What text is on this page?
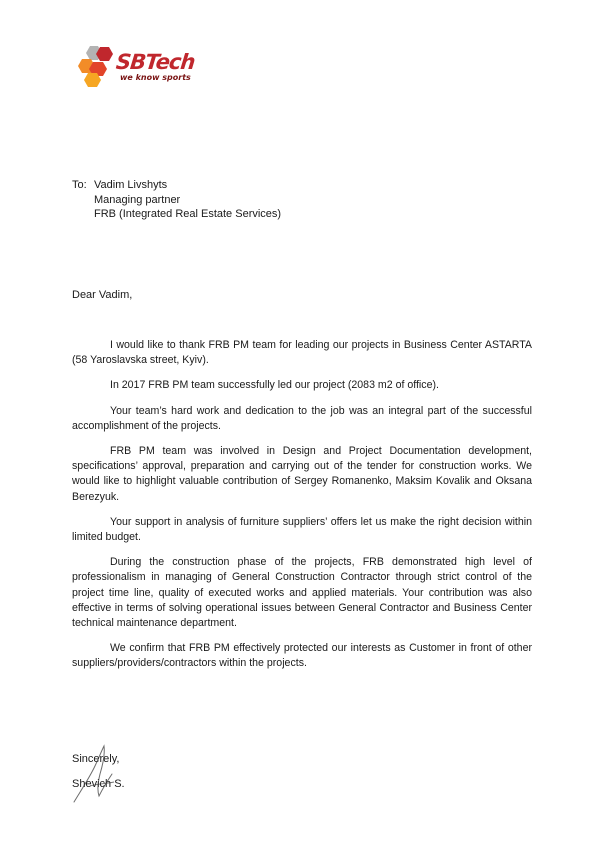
SBTech
we know sports
To: Vadim Livshyts
Managing partner
FRB (Integrated Real Estate Services)
Dear Vadim,

I would like to thank FRB PM team for leading our projects in Business Center ASTARTA (58 Yaroslavska street, Kyiv).

In 2017 FRB PM team successfully led our project (2083 m2 of office).

Your team’s hard work and dedication to the job was an integral part of the successful accomplishment of the projects.

FRB PM team was involved in Design and Project Documentation development, specifications’ approval, preparation and carrying out of the tender for construction works. We would like to highlight valuable contribution of Sergey Romanenko, Maksim Kovalik and Oksana Berezyuk.

Your support in analysis of furniture suppliers’ offers let us make the right decision within limited budget.

During the construction phase of the projects, FRB demonstrated high level of professionalism in managing of General Construction Contractor through strict control of the project time line, quality of executed works and applied materials. Your contribution was also effective in terms of solving operational issues between General Contractor and Business Center technical maintenance department.

We confirm that FRB PM effectively protected our interests as Customer in front of other suppliers/providers/contractors within the projects.

Sincerely,
Shevich S.
